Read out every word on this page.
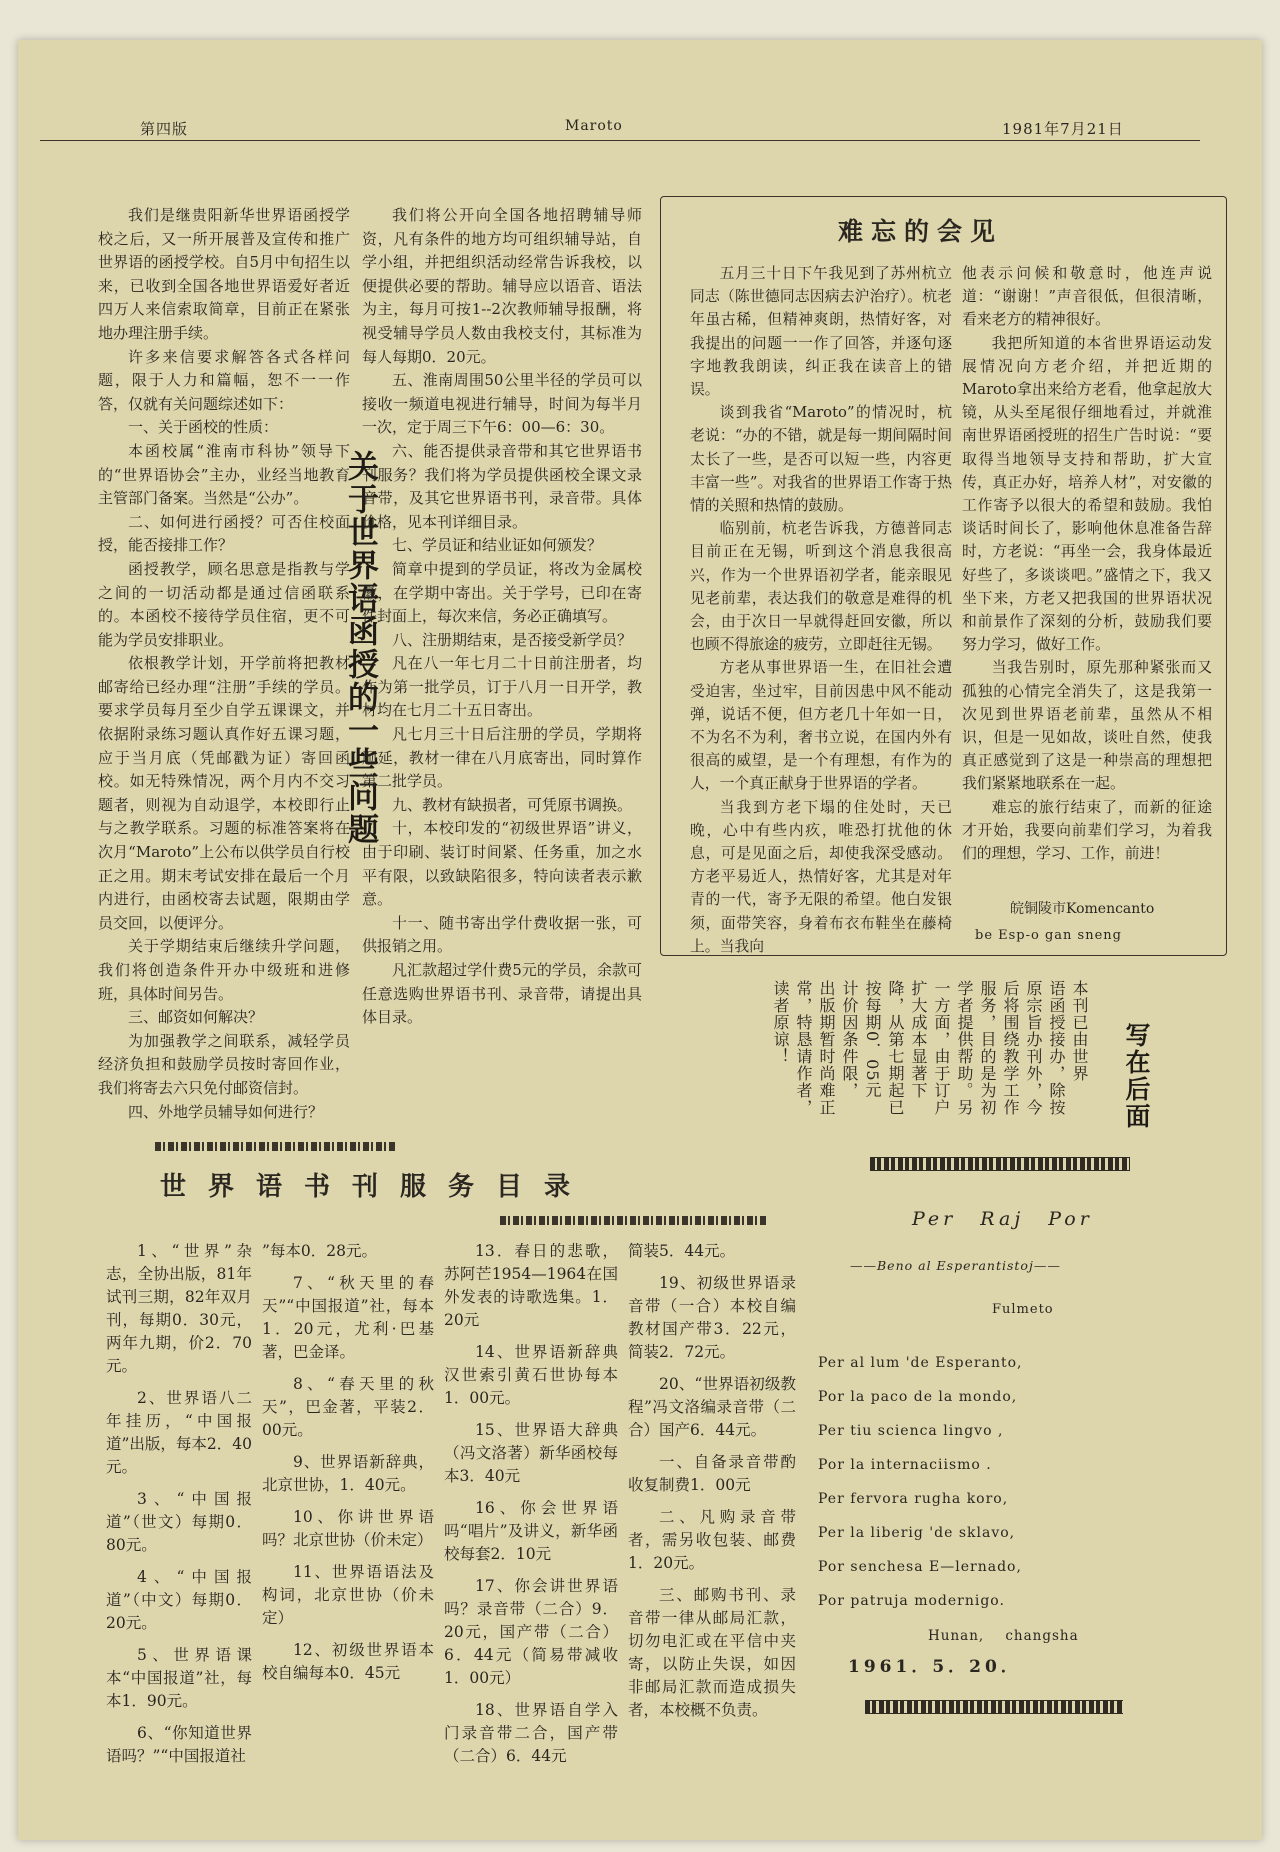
第四版	Maroto	1981年7月21日

我们是继贵阳新华世界语函授学校之后，又一所开展普及宣传和推广世界语的函授学校。自5月中旬招生以来，已收到全国各地世界语爱好者近四万人来信索取简章，目前正在紧张地办理注册手续。

许多来信要求解答各式各样问题，限于人力和篇幅，恕不一一作答，仅就有关问题综述如下：

一、关于函校的性质：

本函校属“淮南市科协”领导下的“世界语协会”主办，业经当地教育主管部门备案。当然是“公办”。

二、如何进行函授？可否住校面授，能否接排工作？

函授教学，顾名思意是指教与学之间的一切活动都是通过信函联系的。本函校不接待学员住宿，更不可能为学员安排职业。

依根教学计划，开学前将把教材邮寄给已经办理“注册”手续的学员。要求学员每月至少自学五课课文，并依据附录练习题认真作好五课习题，应于当月底（凭邮戳为证）寄回函校。如无特殊情况，两个月内不交习题者，则视为自动退学，本校即行止与之教学联系。习题的标准答案将在次月“Maroto”上公布以供学员自行校正之用。期末考试安排在最后一个月内进行，由函校寄去试题，限期由学员交回，以便评分。

关于学期结束后继续升学问题，我们将创造条件开办中级班和进修班，具体时间另告。

三、邮资如何解决？

为加强教学之间联系，减轻学员经济负担和鼓励学员按时寄回作业，我们将寄去六只免付邮资信封。

四、外地学员辅导如何进行？

关于世界语函授的一些问题

我们将公开向全国各地招聘辅导师资，凡有条件的地方均可组织辅导站，自学小组，并把组织活动经常告诉我校，以便提供必要的帮助。辅导应以语音、语法为主，每月可按1--2次教师辅导报酬，将视受辅导学员人数由我校支付，其标准为每人每期0．20元。

五、淮南周围50公里半径的学员可以接收一频道电视进行辅导，时间为每半月一次，定于周三下午6：00—6：30。

六、能否提供录音带和其它世界语书刊服务？我们将为学员提供函校全课文录音带，及其它世界语书刊，录音带。具体价格，见本刊详细目录。

七、学员证和结业证如何颁发？

简章中提到的学员证，将改为金属校徽，在学期中寄出。关于学号，已印在寄件封面上，每次来信，务必正确填写。

八、注册期结束，是否接受新学员？

凡在八一年七月二十日前注册者，均作为第一批学员，订于八月一日开学，教材均在七月二十五日寄出。

凡七月三十日后注册的学员，学期将顺延，教材一律在八月底寄出，同时算作第二批学员。

九、教材有缺损者，可凭原书调换。

十，本校印发的“初级世界语”讲义，由于印刷、装订时间紧、任务重，加之水平有限，以致缺陷很多，特向读者表示歉意。

十一、随书寄出学什费收据一张，可供报销之用。

凡汇款超过学什费5元的学员，余款可任意选购世界语书刊、录音带，请提出具体目录。

难忘的会见

五月三十日下午我见到了苏州杭立同志（陈世德同志因病去沪治疗）。杭老年虽古稀，但精神爽朗，热情好客，对我提出的问题一一作了回答，并逐句逐字地教我朗读，纠正我在读音上的错误。

谈到我省“Maroto”的情况时，杭老说：“办的不错，就是每一期间隔时间太长了一些，是否可以短一些，内容更丰富一些”。对我省的世界语工作寄于热情的关照和热情的鼓励。

临别前，杭老告诉我，方德普同志目前正在无锡，听到这个消息我很高兴，作为一个世界语初学者，能亲眼见见老前辈，表达我们的敬意是难得的机会，由于次日一早就得赶回安徽，所以也顾不得旅途的疲劳，立即赶往无锡。

方老从事世界语一生，在旧社会遭受迫害，坐过牢，目前因患中风不能动弹，说话不便，但方老几十年如一日，不为名不为利，奢书立说，在国内外有很高的威望，是一个有理想，有作为的人，一个真正献身于世界语的学者。

当我到方老下塌的住处时，天已晚，心中有些内疚，唯恐打扰他的休息，可是见面之后，却使我深受感动。方老平易近人，热情好客，尤其是对年青的一代，寄予无限的希望。他白发银须，面带笑容，身着布衣布鞋坐在藤椅上。当我向

他表示问候和敬意时，他连声说道：“谢谢！”声音很低，但很清晰，看来老方的精神很好。

我把所知道的本省世界语运动发展情况向方老介绍，并把近期的Maroto拿出来给方老看，他拿起放大镜，从头至尾很仔细地看过，并就淮南世界语函授班的招生广告时说：“要取得当地领导支持和帮助，扩大宣传，真正办好，培养人材”，对安徽的工作寄予以很大的希望和鼓励。我怕谈话时间长了，影响他休息准备告辞时，方老说：“再坐一会，我身体最近好些了，多谈谈吧。”盛情之下，我又坐下来，方老又把我国的世界语状况和前景作了深刻的分析，鼓励我们要努力学习，做好工作。

当我告别时，原先那种紧张而又孤独的心情完全消失了，这是我第一次见到世界语老前辈，虽然从不相识，但是一见如故，谈吐自然，使我真正感觉到了这是一种崇高的理想把我们紧紧地联系在一起。

难忘的旅行结束了，而新的征途才开始，我要向前辈们学习，为着我们的理想，学习、工作，前进！

皖铜陵市Komencanto
be Esp-o gan sneng
本刊已由世界
语函授接办，除按
原宗旨办刊外，今
后将围绕教学工作
服务，目的是为初
学者提供帮助。另
一方面，由于订户
扩大成本显著下
降，从第七期起已
按每期0．05元
计价因条件限，
出版期暂时尚难正
常，特恳请作者，
读者原谅！	写在后面
世界语书刊服务目录

1、“世界”杂志，全协出版，81年试刊三期，82年双月刊，每期0．30元，两年九期，价2．70元。

2、世界语八二年挂历，“中国报道”出版，每本2．40元。

3、“中国报道”（世文）每期0．80元。

4、“中国报道”（中文）每期0．20元。

5、世界语课本“中国报道”社，每本1．90元。

6、“你知道世界语吗？”“中国报道社

”每本0．28元。

7、“秋天里的春天”“中国报道”社，每本1．20元，尤利·巴基著，巴金译。

8、“春天里的秋天”，巴金著，平装2．00元。

9、世界语新辞典，北京世协，1．40元。

10、你讲世界语吗？北京世协（价未定）

11、世界语语法及构词，北京世协（价未定）

12、初级世界语本校自编每本0．45元

13．春日的悲歌，苏阿芒1954—1964在国外发表的诗歌选集。1．20元

14、世界语新辞典汉世索引黄石世协每本1．00元。

15、世界语大辞典（冯文洛著）新华函校每本3．40元

16、你会世界语吗“唱片”及讲义，新华函校每套2．10元

17、你会讲世界语吗？录音带（二合）9．20元，国产带（二合）6．44元（简易带减收1．00元）

18、世界语自学入门录音带二合，国产带（二合）6．44元

简装5．44元。

19、初级世界语录音带（一合）本校自编教材国产带3．22元，简装2．72元。

20、“世界语初级教程”冯文洛编录音带（二合）国产6．44元。

一、自备录音带酌收复制费1．00元

二、凡购录音带者，需另收包装、邮费1．20元。

三、邮购书刊、录音带一律从邮局汇款，切勿电汇或在平信中夹寄，以防止失误，如因非邮局汇款而造成损失者，本校概不负责。

Per Raj Por
——Beno al Esperantistoj——
Fulmeto
Per al lum 'de Esperanto,
Por la paco de la mondo,
Per tiu scienca lingvo ,
Por la internaciismo .
Per fervora rugha koro,
Per la liberig 'de sklavo,
Por senchesa E—lernado,
Por patruja modernigo.
Hunan,    changsha
1961．5．20．
